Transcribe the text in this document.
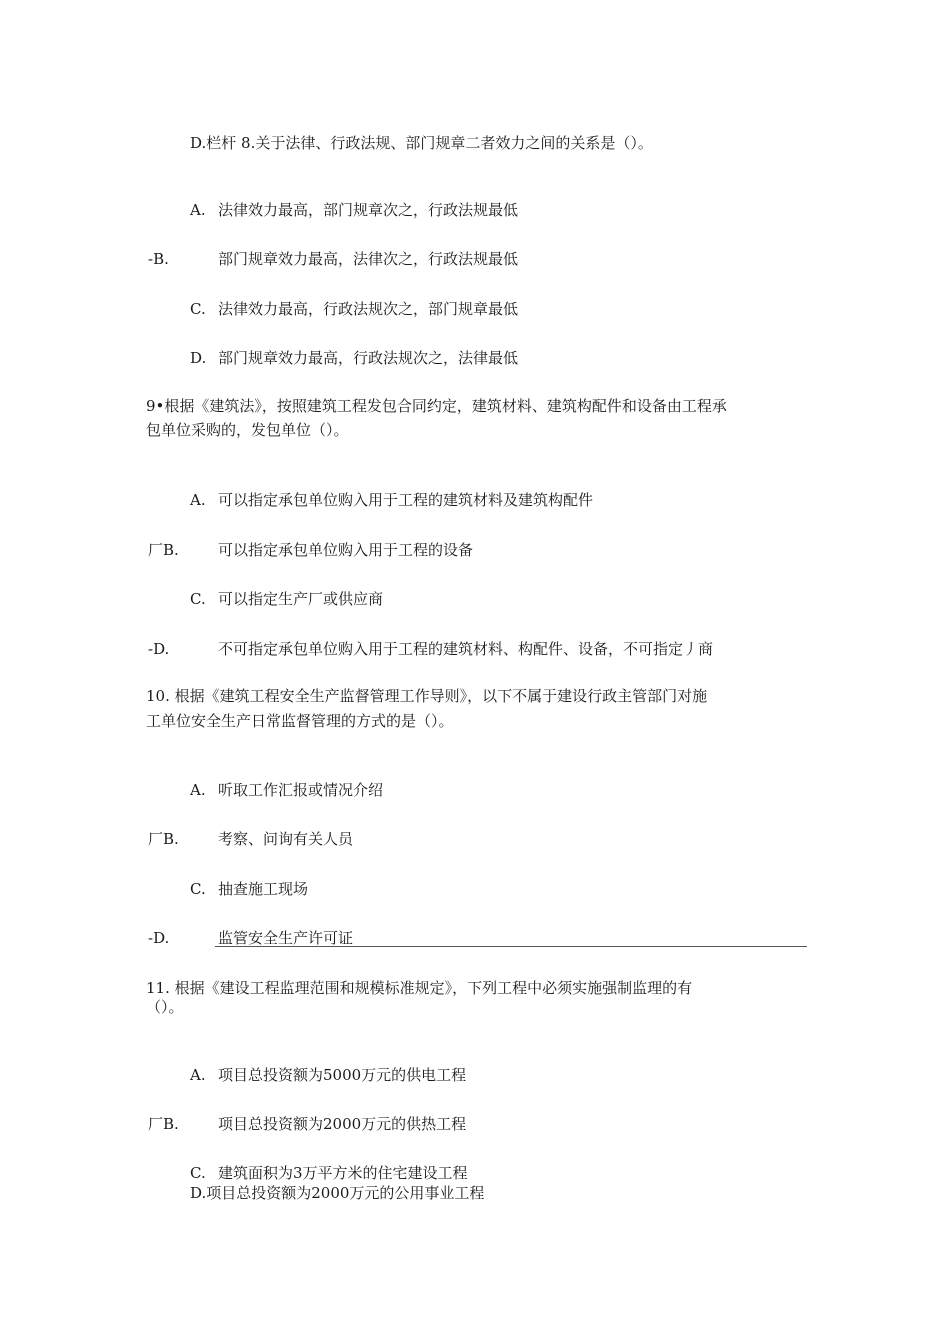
D.栏杆 8.关于法律、行政法规、部门规章二者效力之间的关系是（）。
A. 法律效力最高，部门规章次之，行政法规最低
-B.	部门规章效力最高，法律次之，行政法规最低
C. 法律效力最高，行政法规次之，部门规章最低
D. 部门规章效力最高，行政法规次之，法律最低
9•根据《建筑法》，按照建筑工程发包合同约定，建筑材料、建筑构配件和设备由工程承
包单位采购的，发包单位（）。
A. 可以指定承包单位购入用于工程的建筑材料及建筑构配件
厂B.	可以指定承包单位购入用于工程的设备
C. 可以指定生产厂或供应商
-D.	不可指定承包单位购入用于工程的建筑材料、构配件、设备，不可指定丿商
10. 根据《建筑工程安全生产监督管理工作导则》，以下不属于建设行政主管部门对施
工单位安全生产日常监督管理的方式的是（）。
A. 听取工作汇报或情况介绍
厂B.	考察、问询有关人员
C. 抽查施工现场
-D.	监管安全生产许可证
11. 根据《建设工程监理范围和规模标准规定》，下列工程中必须实施强制监理的有
（）。
A. 项目总投资额为5000万元的供电工程
厂B.	项目总投资额为2000万元的供热工程
C. 建筑面积为3万平方米的住宅建设工程
D.项目总投资额为2000万元的公用事业工程
